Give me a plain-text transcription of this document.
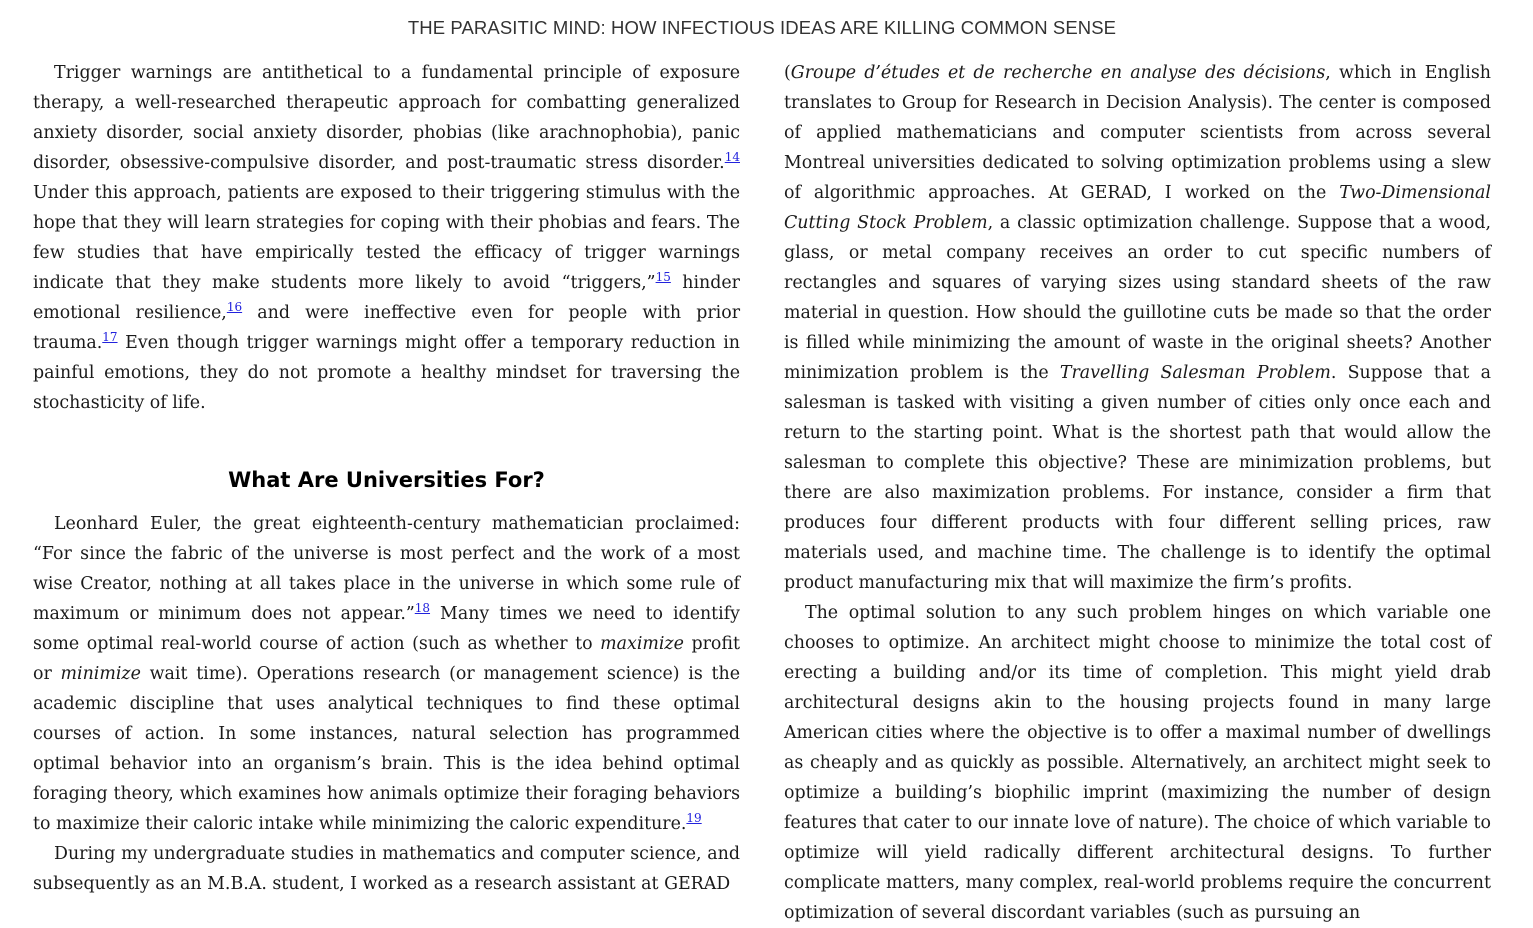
THE PARASITIC MIND: HOW INFECTIOUS IDEAS ARE KILLING COMMON SENSE

Trigger warnings are antithetical to a fundamental principle of exposure therapy, a well-researched therapeutic approach for combatting generalized anxiety disorder, social anxiety disorder, phobias (like arachnophobia), panic disorder, obsessive-compulsive disorder, and post-traumatic stress disorder.$^{14}$ Under this approach, patients are exposed to their triggering stimulus with the hope that they will learn strategies for coping with their phobias and fears. The few studies that have empirically tested the efficacy of trigger warnings indicate that they make students more likely to avoid “triggers,”$^{15}$ hinder emotional resilience,$^{16}$ and were ineffective even for people with prior trauma.$^{17}$ Even though trigger warnings might offer a temporary reduction in painful emotions, they do not promote a healthy mindset for traversing the stochasticity of life.

What Are Universities For?

Leonhard Euler, the great eighteenth-century mathematician proclaimed: “For since the fabric of the universe is most perfect and the work of a most wise Creator, nothing at all takes place in the universe in which some rule of maximum or minimum does not appear.”$^{18}$ Many times we need to identify some optimal real-world course of action (such as whether to maximize profit or minimize wait time). Operations research (or management science) is the academic discipline that uses analytical techniques to find these optimal courses of action. In some instances, natural selection has programmed optimal behavior into an organism’s brain. This is the idea behind optimal foraging theory, which examines how animals optimize their foraging behaviors to maximize their caloric intake while minimizing the caloric expenditure.$^{19}$

During my undergraduate studies in mathematics and computer science, and subsequently as an M.B.A. student, I worked as a research assistant at GERAD

(Groupe d’études et de recherche en analyse des décisions, which in English translates to Group for Research in Decision Analysis). The center is composed of applied mathematicians and computer scientists from across several Montreal universities dedicated to solving optimization problems using a slew of algorithmic approaches. At GERAD, I worked on the Two-Dimensional Cutting Stock Problem, a classic optimization challenge. Suppose that a wood, glass, or metal company receives an order to cut specific numbers of rectangles and squares of varying sizes using standard sheets of the raw material in question. How should the guillotine cuts be made so that the order is filled while minimizing the amount of waste in the original sheets? Another minimization problem is the Travelling Salesman Problem. Suppose that a salesman is tasked with visiting a given number of cities only once each and return to the starting point. What is the shortest path that would allow the salesman to complete this objective? These are minimization problems, but there are also maximization problems. For instance, consider a firm that produces four different products with four different selling prices, raw materials used, and machine time. The challenge is to identify the optimal product manufacturing mix that will maximize the firm’s profits.

The optimal solution to any such problem hinges on which variable one chooses to optimize. An architect might choose to minimize the total cost of erecting a building and/or its time of completion. This might yield drab architectural designs akin to the housing projects found in many large American cities where the objective is to offer a maximal number of dwellings as cheaply and as quickly as possible. Alternatively, an architect might seek to optimize a building’s biophilic imprint (maximizing the number of design features that cater to our innate love of nature). The choice of which variable to optimize will yield radically different architectural designs. To further complicate matters, many complex, real-world problems require the concurrent optimization of several discordant variables (such as pursuing an
